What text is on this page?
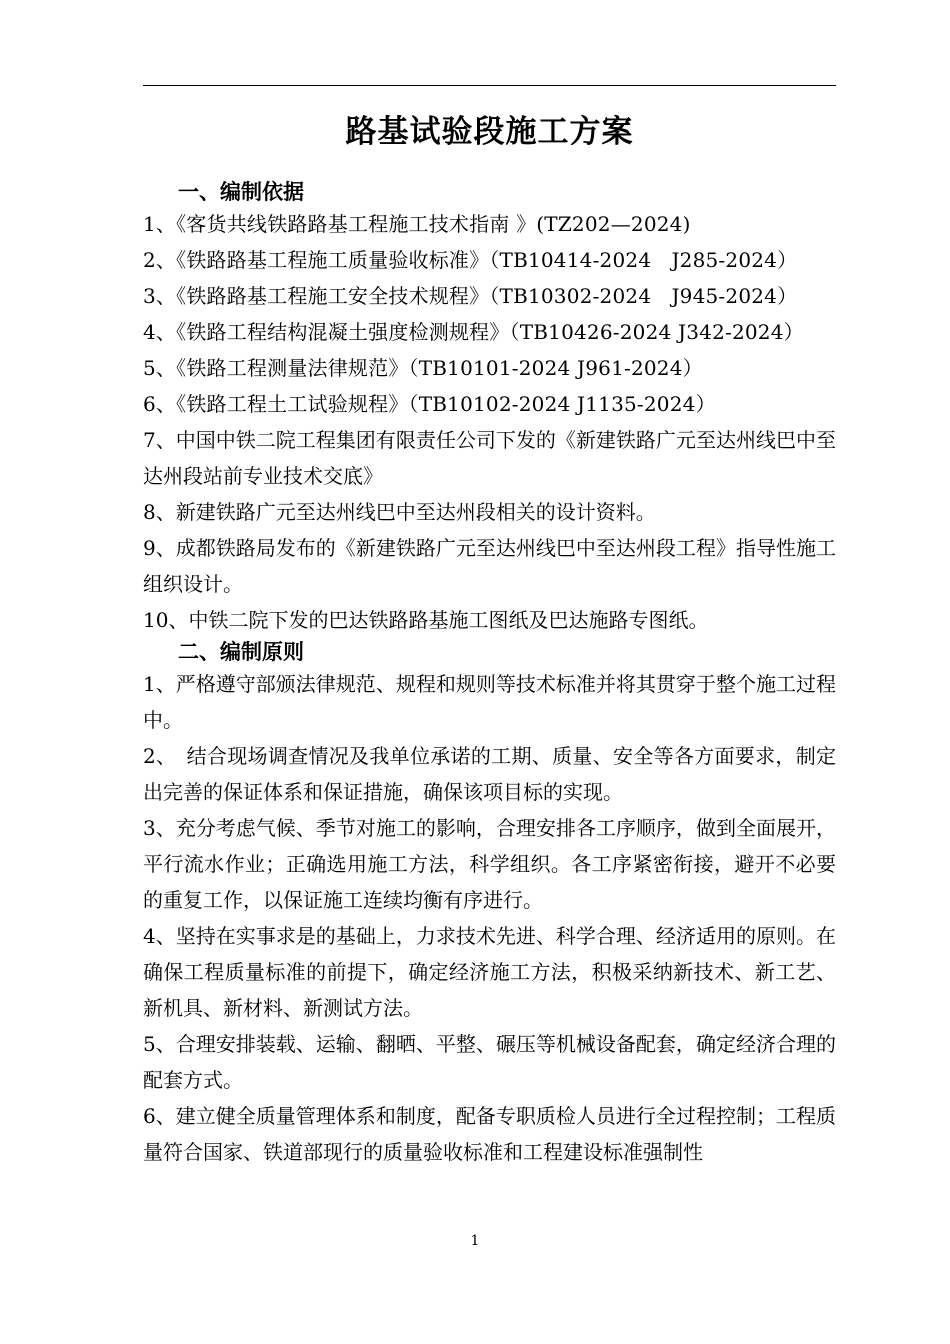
路基试验段施工方案
一、编制依据
1、《客货共线铁路路基工程施工技术指南 》(TZ202—2024)
2、《铁路路基工程施工质量验收标准》（TB10414-2024　J285-2024）
3、《铁路路基工程施工安全技术规程》（TB10302-2024　J945-2024）
4、《铁路工程结构混凝土强度检测规程》（TB10426-2024 J342-2024）
5、《铁路工程测量法律规范》（TB10101-2024 J961-2024）
6、《铁路工程土工试验规程》（TB10102-2024 J1135-2024）
7、中国中铁二院工程集团有限责任公司下发的《新建铁路广元至达州线巴中至达州段站前专业技术交底》
8、新建铁路广元至达州线巴中至达州段相关的设计资料。
9、成都铁路局发布的《新建铁路广元至达州线巴中至达州段工程》指导性施工组织设计。
10、中铁二院下发的巴达铁路路基施工图纸及巴达施路专图纸。
二、编制原则
1、严格遵守部颁法律规范、规程和规则等技术标准并将其贯穿于整个施工过程中。
2、　结合现场调查情况及我单位承诺的工期、质量、安全等各方面要求，制定出完善的保证体系和保证措施，确保该项目标的实现。
3、充分考虑气候、季节对施工的影响，合理安排各工序顺序，做到全面展开，平行流水作业；正确选用施工方法，科学组织。各工序紧密衔接，避开不必要的重复工作，以保证施工连续均衡有序进行。
4、坚持在实事求是的基础上，力求技术先进、科学合理、经济适用的原则。在确保工程质量标准的前提下，确定经济施工方法，积极采纳新技术、新工艺、新机具、新材料、新测试方法。
5、合理安排装载、运输、翻晒、平整、碾压等机械设备配套，确定经济合理的配套方式。
6、建立健全质量管理体系和制度，配备专职质检人员进行全过程控制；工程质量符合国家、铁道部现行的质量验收标准和工程建设标准强制性
1
